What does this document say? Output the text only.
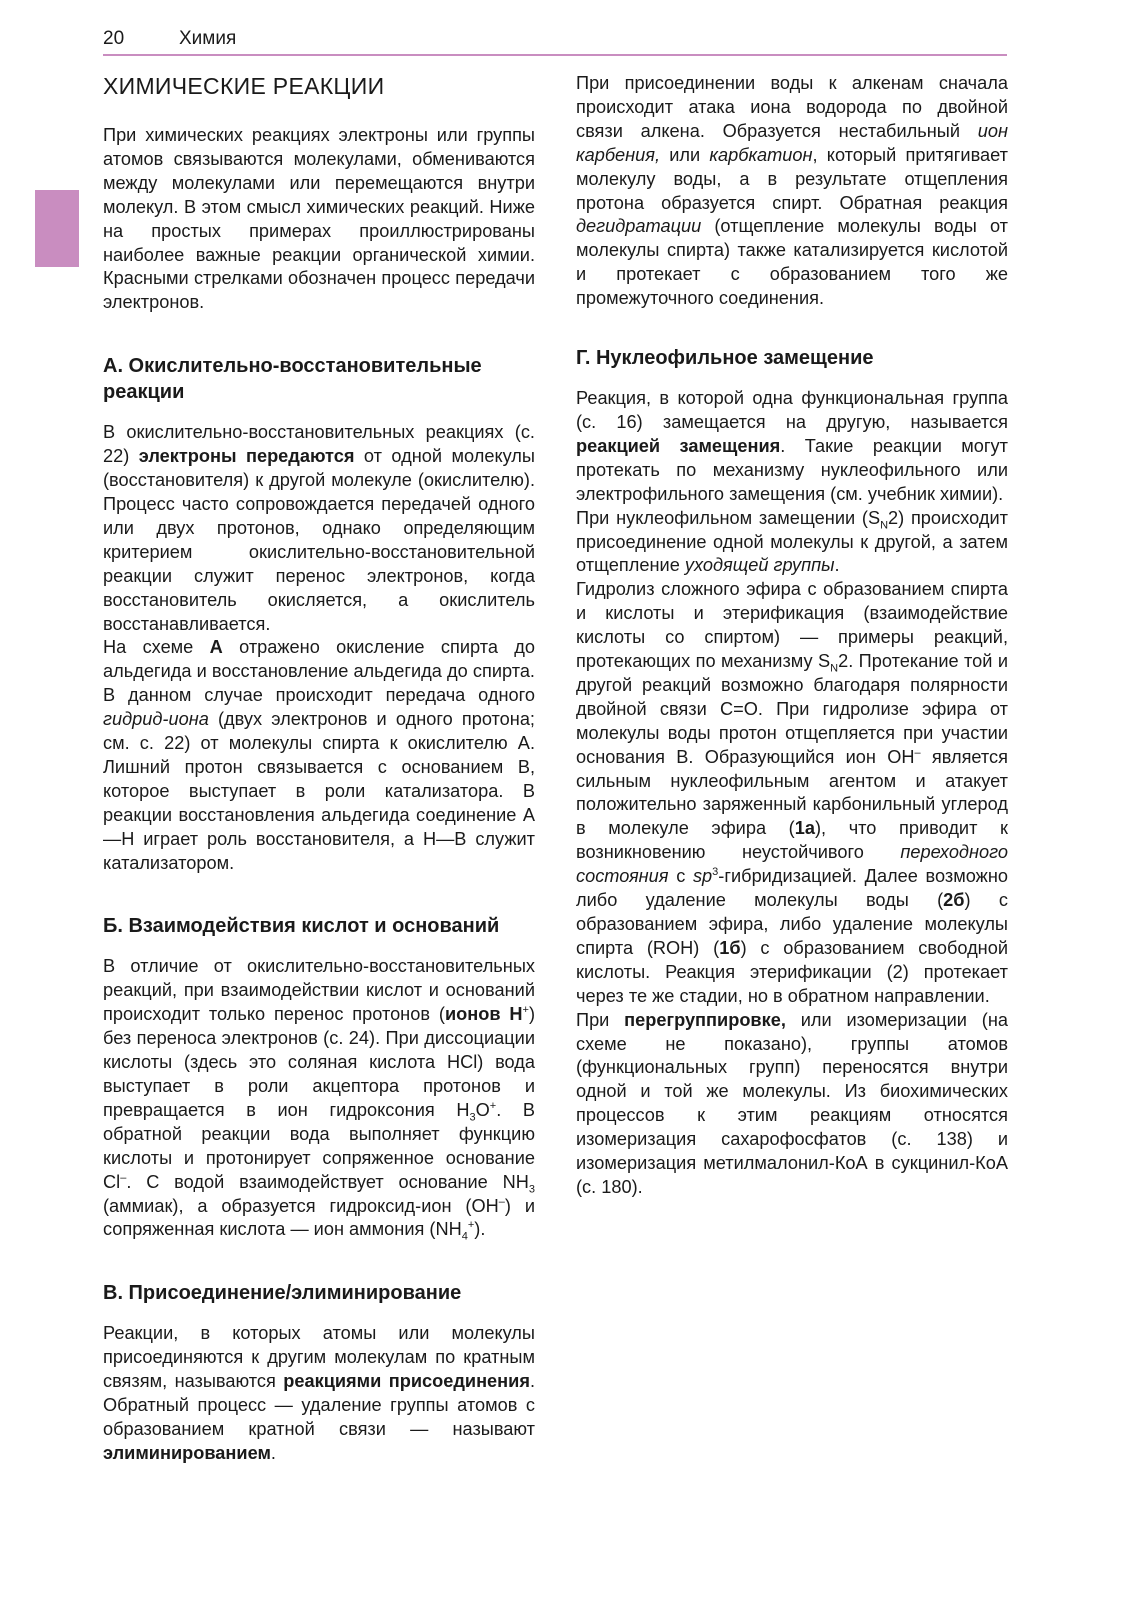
20	Химия
ХИМИЧЕСКИЕ РЕАКЦИИ

При химических реакциях электроны или группы атомов связываются молекулами, обмениваются между молекулами или перемещаются внутри молекул. В этом смысл химических реакций. Ниже на простых примерах проиллюстрированы наиболее важные реакции органической химии. Красными стрелками обозначен процесс передачи электронов.

А. Окислительно-восстановительные реакции

В окислительно-восстановительных реакциях (с. 22) электроны передаются от одной молекулы (восстановителя) к другой молекуле (окислителю). Процесс часто сопровождается передачей одного или двух протонов, однако определяющим критерием окислительно-восстановительной реакции служит перенос электронов, когда восстановитель окисляется, а окислитель восстанавливается.

На схеме А отражено окисление спирта до альдегида и восстановление альдегида до спирта. В данном случае происходит передача одного гидрид-иона (двух электронов и одного протона; см. с. 22) от молекулы спирта к окислителю А. Лишний протон связывается с основанием В, которое выступает в роли катализатора. В реакции восстановления альдегида соединение А—Н играет роль восстановителя, а Н—В служит катализатором.

Б. Взаимодействия кислот и оснований

В отличие от окислительно-восстановительных реакций, при взаимодействии кислот и оснований происходит только перенос протонов (ионов Н+) без переноса электронов (с. 24). При диссоциации кислоты (здесь это соляная кислота НСl) вода выступает в роли акцептора протонов и превращается в ион гидроксония $H_3O^+$. В обратной реакции вода выполняет функцию кислоты и протонирует сопряженное основание Сl–. С водой взаимодействует основание $NH_3$ (аммиак), а образуется гидроксид-ион (ОН–) и сопряженная кислота — ион аммония $(NH_4^+)$.

В. Присоединение/элиминирование

Реакции, в которых атомы или молекулы присоединяются к другим молекулам по кратным связям, называются реакциями присоединения. Обратный процесс — удаление группы атомов с образованием кратной связи — называют элиминированием.

При присоединении воды к алкенам сначала происходит атака иона водорода по двойной связи алкена. Образуется нестабильный ион карбения, или карбкатион, который притягивает молекулу воды, а в результате отщепления протона образуется спирт. Обратная реакция дегидратации (отщепление молекулы воды от молекулы спирта) также катализируется кислотой и протекает с образованием того же промежуточного соединения.

Г. Нуклеофильное замещение

Реакция, в которой одна функциональная группа (с. 16) замещается на другую, называется реакцией замещения. Такие реакции могут протекать по механизму нуклеофильного или электрофильного замещения (см. учебник химии).

При нуклеофильном замещении $(S_N2)$ происходит присоединение одной молекулы к другой, а затем отщепление уходящей группы.

Гидролиз сложного эфира с образованием спирта и кислоты и этерификация (взаимодействие кислоты со спиртом) — примеры реакций, протекающих по механизму $S_N2$. Протекание той и другой реакций возможно благодаря полярности двойной связи С=O. При гидролизе эфира от молекулы воды протон отщепляется при участии основания В. Образующийся ион ОН– является сильным нуклеофильным агентом и атакует положительно заряженный карбонильный углерод в молекуле эфира (1а), что приводит к возникновению неустойчивого переходного состояния с $sp^3$-гибридизацией. Далее возможно либо удаление молекулы воды (2б) с образованием эфира, либо удаление молекулы спирта (ROH) (1б) с образованием свободной кислоты. Реакция этерификации (2) протекает через те же стадии, но в обратном направлении.

При перегруппировке, или изомеризации (на схеме не показано), группы атомов (функциональных групп) переносятся внутри одной и той же молекулы. Из биохимических процессов к этим реакциям относятся изомеризация сахарофосфатов (с. 138) и изомеризация метилмалонил-КоА в сукцинил-КоА (с. 180).
